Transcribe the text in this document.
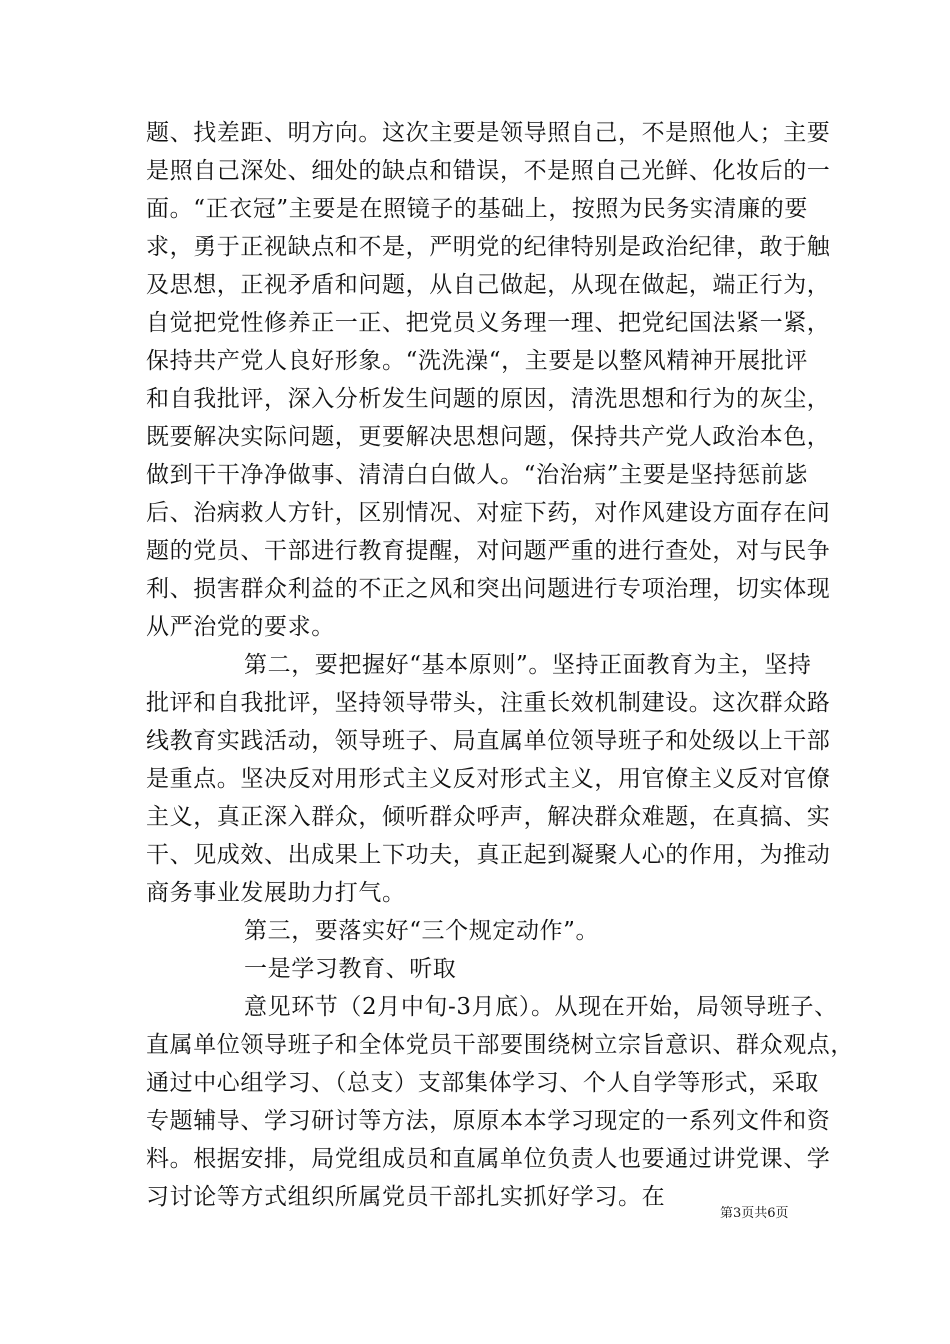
题、找差距、明方向。这次主要是领导照自己，不是照他人；主要
是照自己深处、细处的缺点和错误，不是照自己光鲜、化妆后的一
面。“正衣冠”主要是在照镜子的基础上，按照为民务实清廉的要
求，勇于正视缺点和不是，严明党的纪律特别是政治纪律，敢于触
及思想，正视矛盾和问题，从自己做起，从现在做起，端正行为，
自觉把党性修养正一正、把党员义务理一理、把党纪国法紧一紧，
保持共产党人良好形象。“洗洗澡“，主要是以整风精神开展批评
和自我批评，深入分析发生问题的原因，清洗思想和行为的灰尘，
既要解决实际问题，更要解决思想问题，保持共产党人政治本色，
做到干干净净做事、清清白白做人。“治治病”主要是坚持惩前毖
后、治病救人方针，区别情况、对症下药，对作风建设方面存在问
题的党员、干部进行教育提醒，对问题严重的进行查处，对与民争
利、损害群众利益的不正之风和突出问题进行专项治理，切实体现
从严治党的要求。
第二，要把握好“基本原则”。坚持正面教育为主，坚持
批评和自我批评，坚持领导带头，注重长效机制建设。这次群众路
线教育实践活动，领导班子、局直属单位领导班子和处级以上干部
是重点。坚决反对用形式主义反对形式主义，用官僚主义反对官僚
主义，真正深入群众，倾听群众呼声，解决群众难题，在真搞、实
干、见成效、出成果上下功夫，真正起到凝聚人心的作用，为推动
商务事业发展助力打气。
第三，要落实好“三个规定动作”。
一是学习教育、听取
意见环节（2月中旬-3月底）。从现在开始，局领导班子、
直属单位领导班子和全体党员干部要围绕树立宗旨意识、群众观点，
通过中心组学习、（总支）支部集体学习、个人自学等形式，采取
专题辅导、学习研讨等方法，原原本本学习现定的一系列文件和资
料。根据安排，局党组成员和直属单位负责人也要通过讲党课、学
习讨论等方式组织所属党员干部扎实抓好学习。在
第3页共6页
